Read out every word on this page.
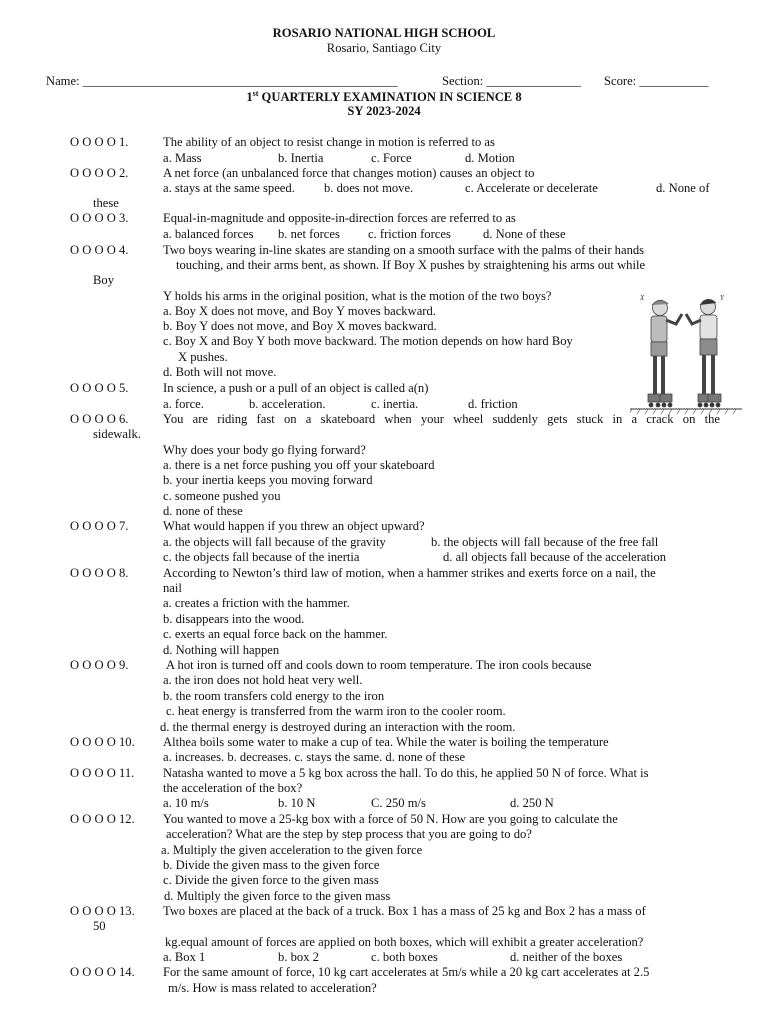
ROSARIO NATIONAL HIGH SCHOOL
Rosario, Santiago City
Name: __________________________________________________	Section: _______________ Score: ___________
1st QUARTERLY EXAMINATION IN SCIENCE 8
SY 2023-2024
O O O O 1.	The ability of an object to resist change in motion is referred to as
a. Mass	b. Inertia	c. Force	d. Motion
O O O O 2.	A net force (an unbalanced force that changes motion) causes an object to
a. stays at the same speed. b. does not move.	c. Accelerate or decelerate	d. None of
these
O O O O 3.	Equal-in-magnitude and opposite-in-direction forces are referred to as
a. balanced forces b. net forces c. friction forces	d. None of these
O O O O 4.	Two boys wearing in-line skates are standing on a smooth surface with the palms of their hands
touching, and their arms bent, as shown. If Boy X pushes by straightening his arms out while
Boy
Y holds his arms in the original position, what is the motion of the two boys?
a. Boy X does not move, and Boy Y moves backward.
b. Boy Y does not move, and Boy X moves backward.
c. Boy X and Boy Y both move backward. The motion depends on how hard Boy
X pushes.
d. Both will not move.
X	Y
O O O O 5.	In science, a push or a pull of an object is called a(n)
a. force.	b. acceleration.	c. inertia.	d. friction
O O O O 6.	You are riding fast on a skateboard when your wheel suddenly gets stuck in a crack on the
sidewalk.
Why does your body go flying forward?
a. there is a net force pushing you off your skateboard
b. your inertia keeps you moving forward
c. someone pushed you
d. none of these
O O O O 7.	What would happen if you threw an object upward?
a. the objects will fall because of the gravity	b. the objects will fall because of the free fall
c. the objects fall because of the inertia	d. all objects fall because of the acceleration
O O O O 8.	According to Newton’s third law of motion, when a hammer strikes and exerts force on a nail, the
nail
a. creates a friction with the hammer.
b. disappears into the wood.
c. exerts an equal force back on the hammer.
d. Nothing will happen
O O O O 9.	A hot iron is turned off and cools down to room temperature. The iron cools because
a. the iron does not hold heat very well.
b. the room transfers cold energy to the iron
c. heat energy is transferred from the warm iron to the cooler room.
d. the thermal energy is destroyed during an interaction with the room.
O O O O 10. Althea boils some water to make a cup of tea. While the water is boiling the temperature
a. increases. b. decreases. c. stays the same. d. none of these
O O O O 11. Natasha wanted to move a 5 kg box across the hall. To do this, he applied 50 N of force. What is
the acceleration of the box?
a. 10 m/s	b. 10 N	C. 250 m/s	d. 250 N
O O O O 12. You wanted to move a 25-kg box with a force of 50 N. How are you going to calculate the
acceleration? What are the step by step process that you are going to do?
a. Multiply the given acceleration to the given force
b. Divide the given mass to the given force
c. Divide the given force to the given mass
d. Multiply the given force to the given mass
O O O O 13. Two boxes are placed at the back of a truck. Box 1 has a mass of 25 kg and Box 2 has a mass of
50
kg.equal amount of forces are applied on both boxes, which will exhibit a greater acceleration?
a. Box 1	b. box 2	c. both boxes	d. neither of the boxes
O O O O 14. For the same amount of force, 10 kg cart accelerates at 5m/s while a 20 kg cart accelerates at 2.5
m/s. How is mass related to acceleration?
